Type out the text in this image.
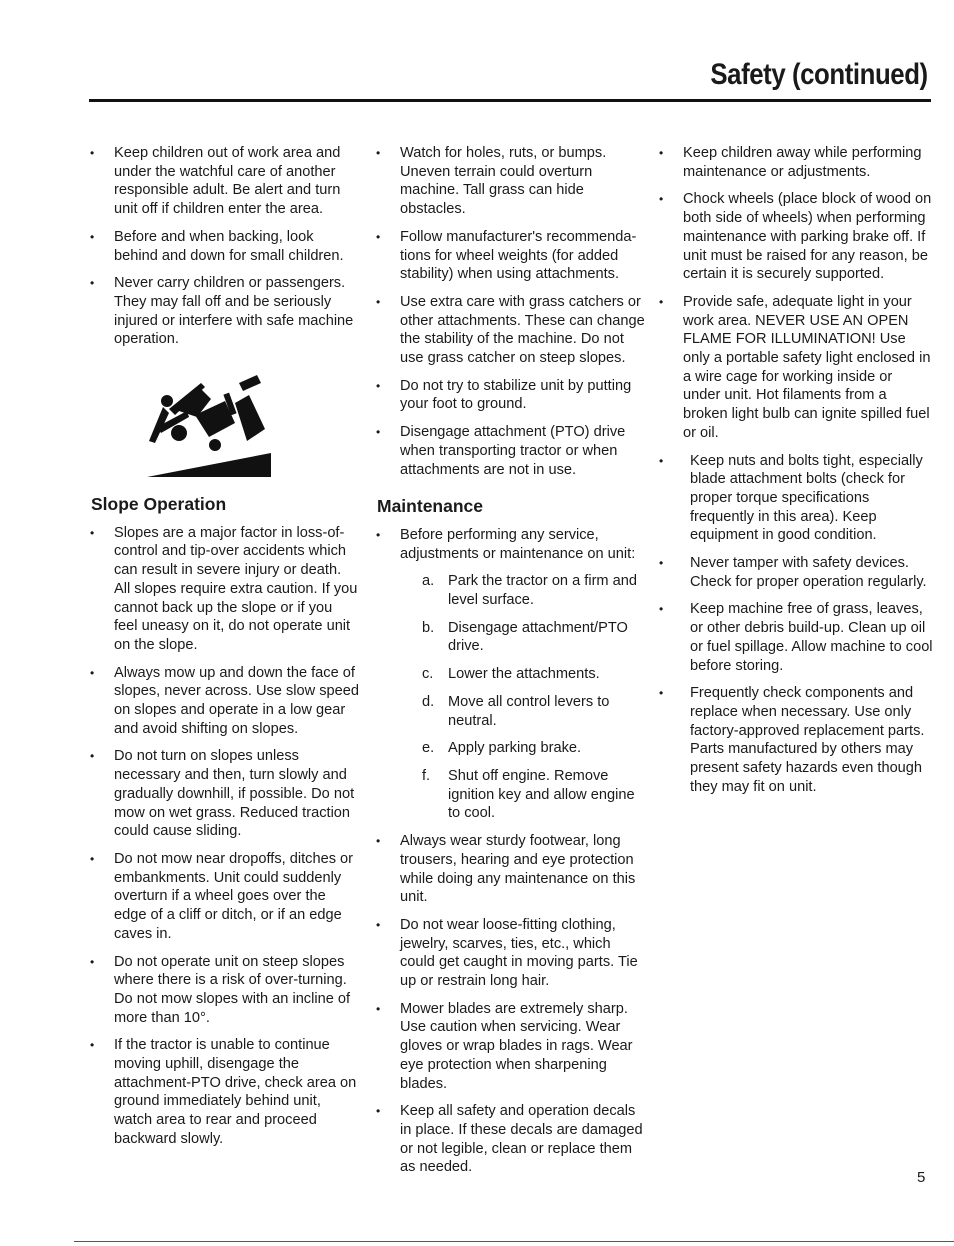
Safety (continued)
• Keep children out of work area and under the watchful care of another responsible adult. Be alert and turn unit off if children enter the area.
• Before and when backing, look behind and down for small children.
• Never carry children or passengers. They may fall off and be seriously injured or interfere with safe machine operation.
Slope Operation
• Slopes are a major factor in loss-of-control and tip-over accidents which can result in severe injury or death. All slopes require extra caution. If you cannot back up the slope or if you feel uneasy on it, do not operate unit on the slope.
• Always mow up and down the face of slopes, never across. Use slow speed on slopes and operate in a low gear and avoid shifting on slopes.
• Do not turn on slopes unless necessary and then, turn slowly and gradually downhill, if possible. Do not mow on wet grass. Reduced traction could cause sliding.
• Do not mow near dropoffs, ditches or embankments. Unit could suddenly overturn if a wheel goes over the edge of a cliff or ditch, or if an edge caves in.
• Do not operate unit on steep slopes where there is a risk of over-turning. Do not mow slopes with an incline of more than 10°.
• If the tractor is unable to continue moving uphill, disengage the attachment-PTO drive, check area on ground immediately behind unit, watch area to rear and proceed backward slowly.
• Watch for holes, ruts, or bumps. Uneven terrain could overturn machine. Tall grass can hide obstacles.
• Follow manufacturer's recommenda-tions for wheel weights (for added stability) when using attachments.
• Use extra care with grass catchers or other attachments. These can change the stability of the machine. Do not use grass catcher on steep slopes.
• Do not try to stabilize unit by putting your foot to ground.
• Disengage attachment (PTO) drive when transporting tractor or when attachments are not in use.
Maintenance
• Before performing any service, adjustments or maintenance on unit:
a. Park the tractor on a firm and level surface.
b. Disengage attachment/PTO drive.
c. Lower the attachments.
d. Move all control levers to neutral.
e. Apply parking brake.
f. Shut off engine. Remove ignition key and allow engine to cool.
• Always wear sturdy footwear, long trousers, hearing and eye protection while doing any maintenance on this unit.
• Do not wear loose-fitting clothing, jewelry, scarves, ties, etc., which could get caught in moving parts. Tie up or restrain long hair.
• Mower blades are extremely sharp. Use caution when servicing. Wear gloves or wrap blades in rags. Wear eye protection when sharpening blades.
• Keep all safety and operation decals in place. If these decals are damaged or not legible, clean or replace them as needed.
• Keep children away while performing maintenance or adjustments.
• Chock wheels (place block of wood on both side of wheels) when performing maintenance with parking brake off. If unit must be raised for any reason, be certain it is securely supported.
• Provide safe, adequate light in your work area. NEVER USE AN OPEN FLAME FOR ILLUMINATION! Use only a portable safety light enclosed in a wire cage for working inside or under unit. Hot filaments from a broken light bulb can ignite spilled fuel or oil.
• Keep nuts and bolts tight, especially blade attachment bolts (check for proper torque specifications frequently in this area). Keep equipment in good condition.
• Never tamper with safety devices. Check for proper operation regularly.
• Keep machine free of grass, leaves, or other debris build-up. Clean up oil or fuel spillage. Allow machine to cool before storing.
• Frequently check components and replace when necessary. Use only factory-approved replacement parts. Parts manufactured by others may present safety hazards even though they may fit on unit.
5
